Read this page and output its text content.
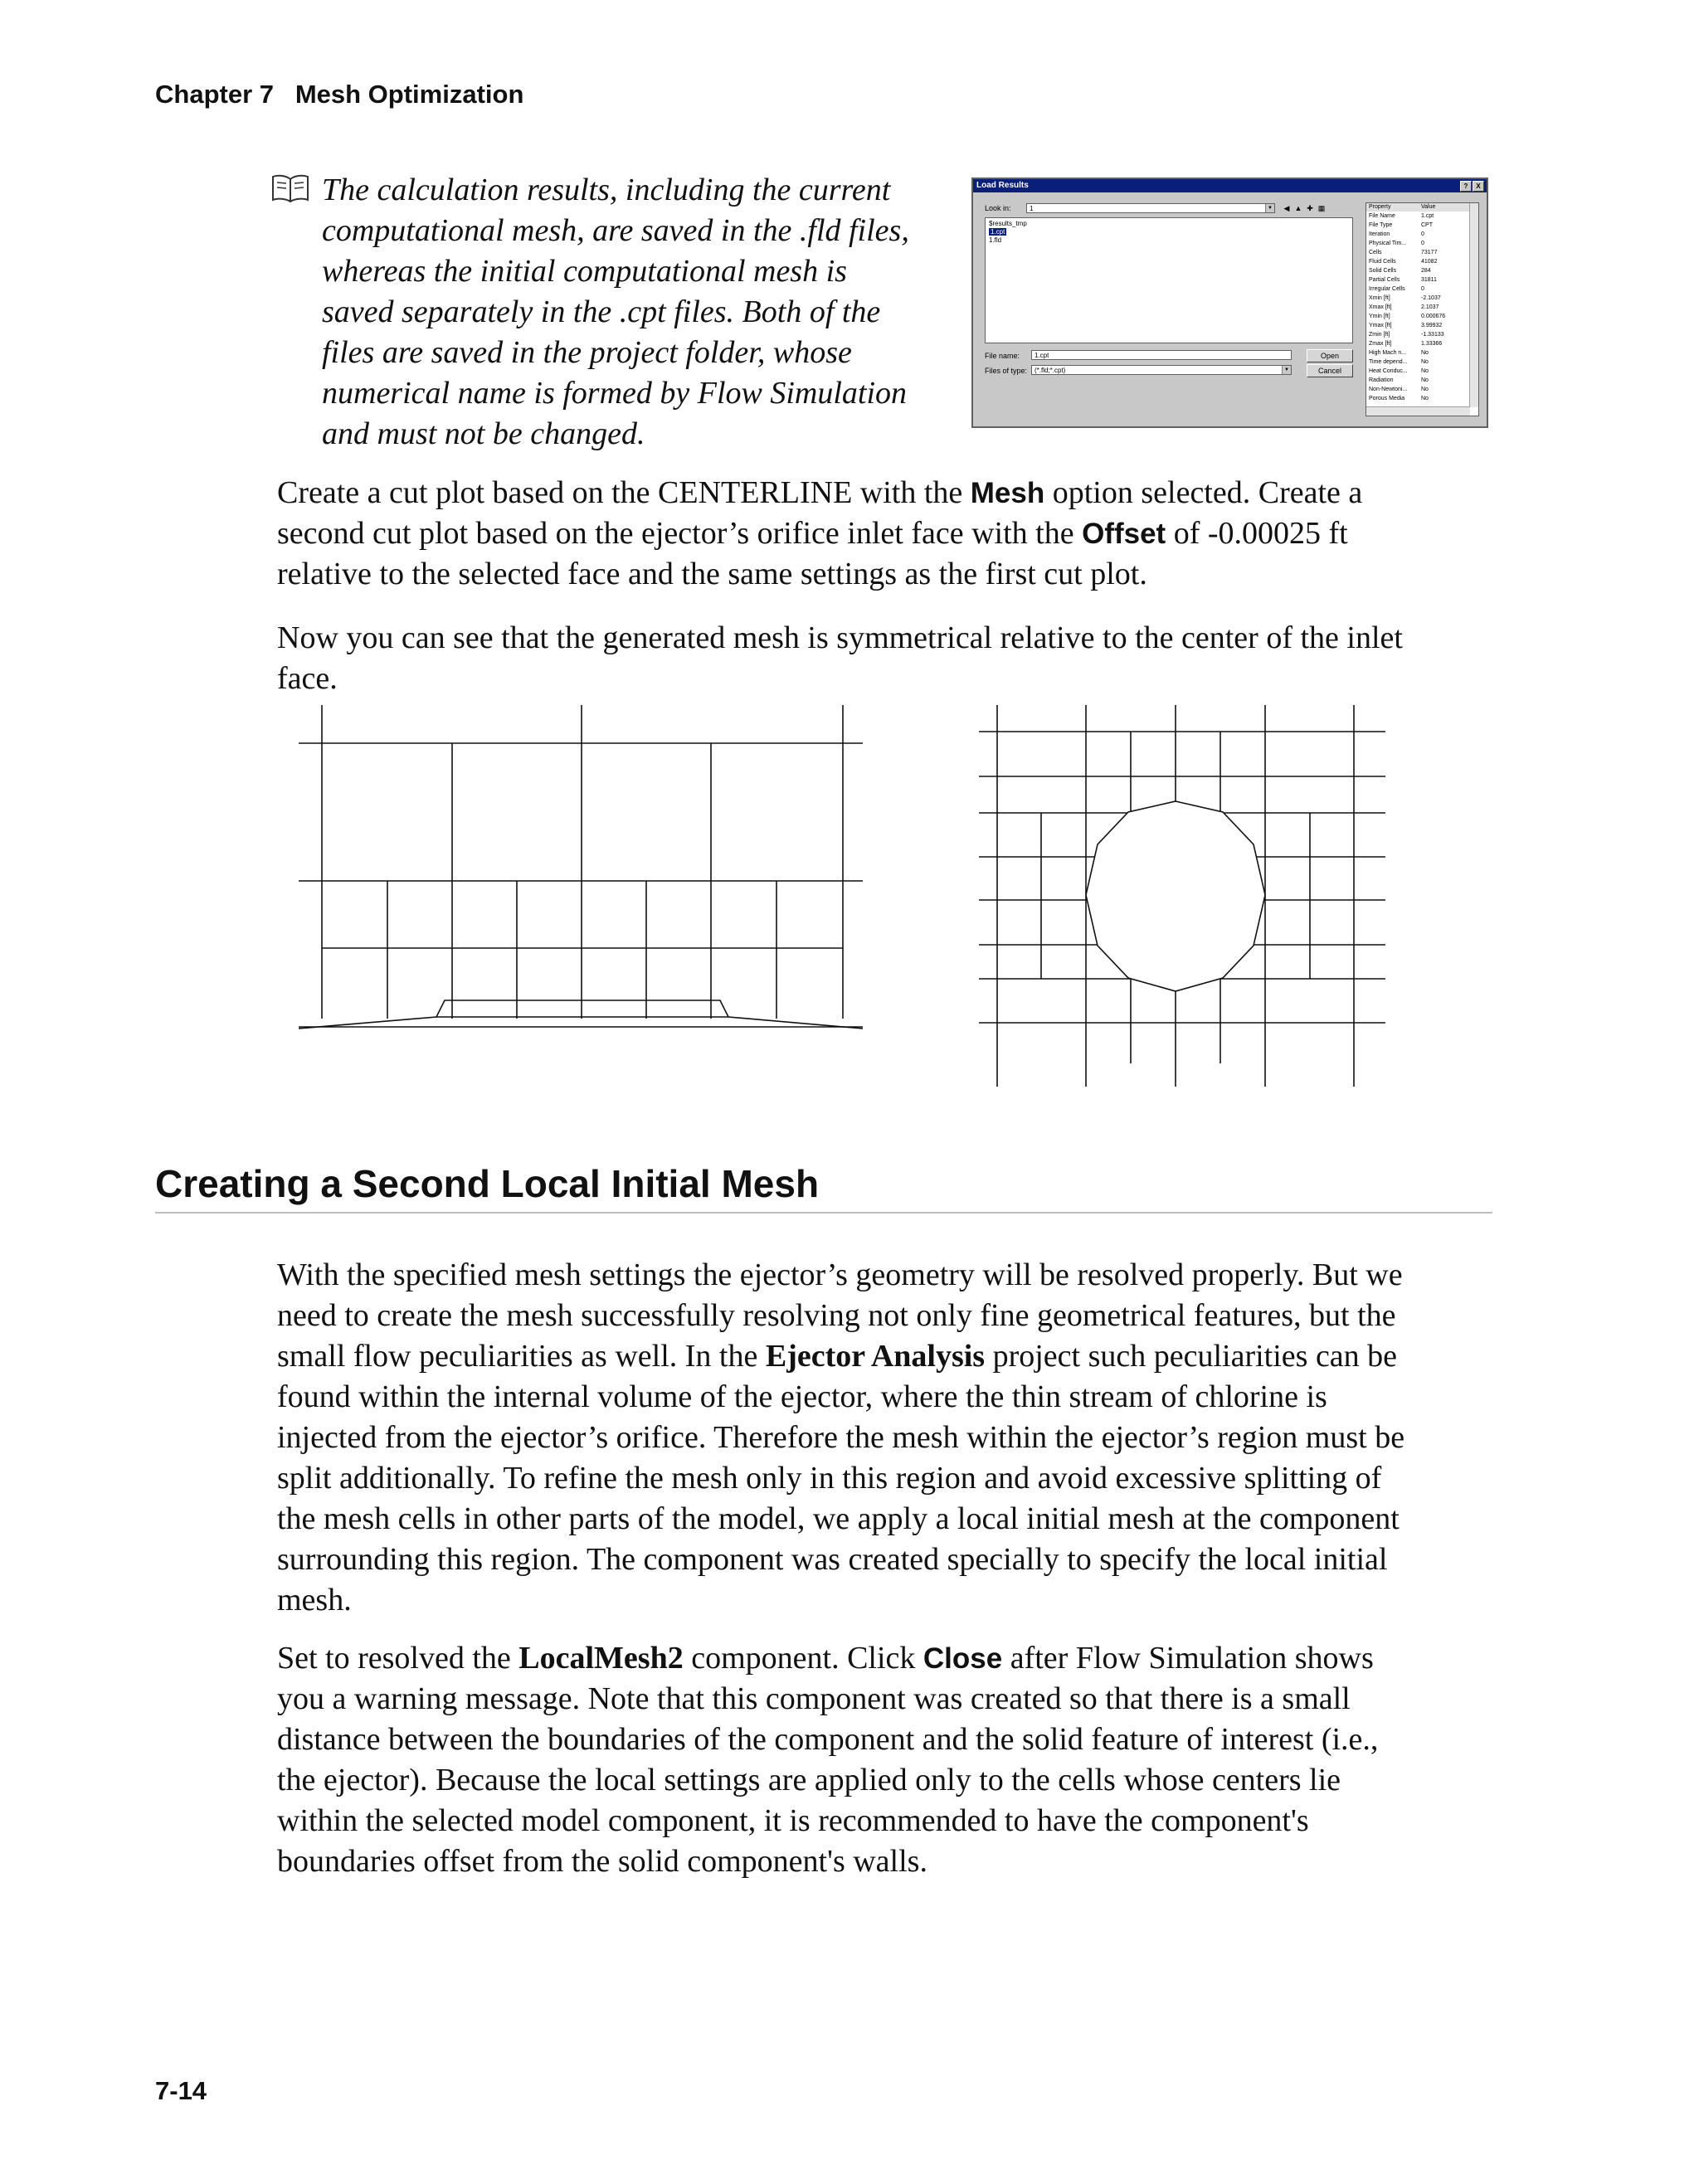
Chapter 7   Mesh Optimization
The calculation results, including the current
computational mesh, are saved in the .fld files,
whereas the initial computational mesh is
saved separately in the .cpt files. Both of the
files are saved in the project folder, whose
numerical name is formed by Flow Simulation
and must not be changed.
Load Results	?	X
$results_tmp
1.cpt
1.fld
Look in:	1	▼ ◀ ▲ ✚ ▦
File name:	1.cpt
Files of type:	(*.fld;*.cpt)	▼
Open
Cancel
Property	Value
File Name	1.cpt
File Type	CPT
Iteration	0
Physical Tim...	0
Cells	73177
Fluid Cells	41082
Solid Cells	284
Partial Cells	31811
Irregular Cells	0
Xmin [ft]	-2.1037
Xmax [ft]	2.1037
Ymin [ft]	0.000676
Ymax [ft]	3.99932
Zmin [ft]	-1.33133
Zmax [ft]	1.33366
High Mach n...	No
Time depend...	No
Heat Conduc...	No
Radiation	No
Non-Newtoni...	No
Porous Media	No
Create a cut plot based on the CENTERLINE with the Mesh option selected. Create a
second cut plot based on the ejector’s orifice inlet face with the Offset of -0.00025 ft
relative to the selected face and the same settings as the first cut plot.
Now you can see that the generated mesh is symmetrical relative to the center of the inlet
face.
Creating a Second Local Initial Mesh
With the specified mesh settings the ejector’s geometry will be resolved properly. But we
need to create the mesh successfully resolving not only fine geometrical features, but the
small flow peculiarities as well. In the Ejector Analysis project such peculiarities can be
found within the internal volume of the ejector, where the thin stream of chlorine is
injected from the ejector’s orifice. Therefore the mesh within the ejector’s region must be
split additionally. To refine the mesh only in this region and avoid excessive splitting of
the mesh cells in other parts of the model, we apply a local initial mesh at the component
surrounding this region. The component was created specially to specify the local initial
mesh.
Set to resolved the LocalMesh2 component. Click Close after Flow Simulation shows
you a warning message. Note that this component was created so that there is a small
distance between the boundaries of the component and the solid feature of interest (i.e.,
the ejector). Because the local settings are applied only to the cells whose centers lie
within the selected model component, it is recommended to have the component's
boundaries offset from the solid component's walls.
7-14
